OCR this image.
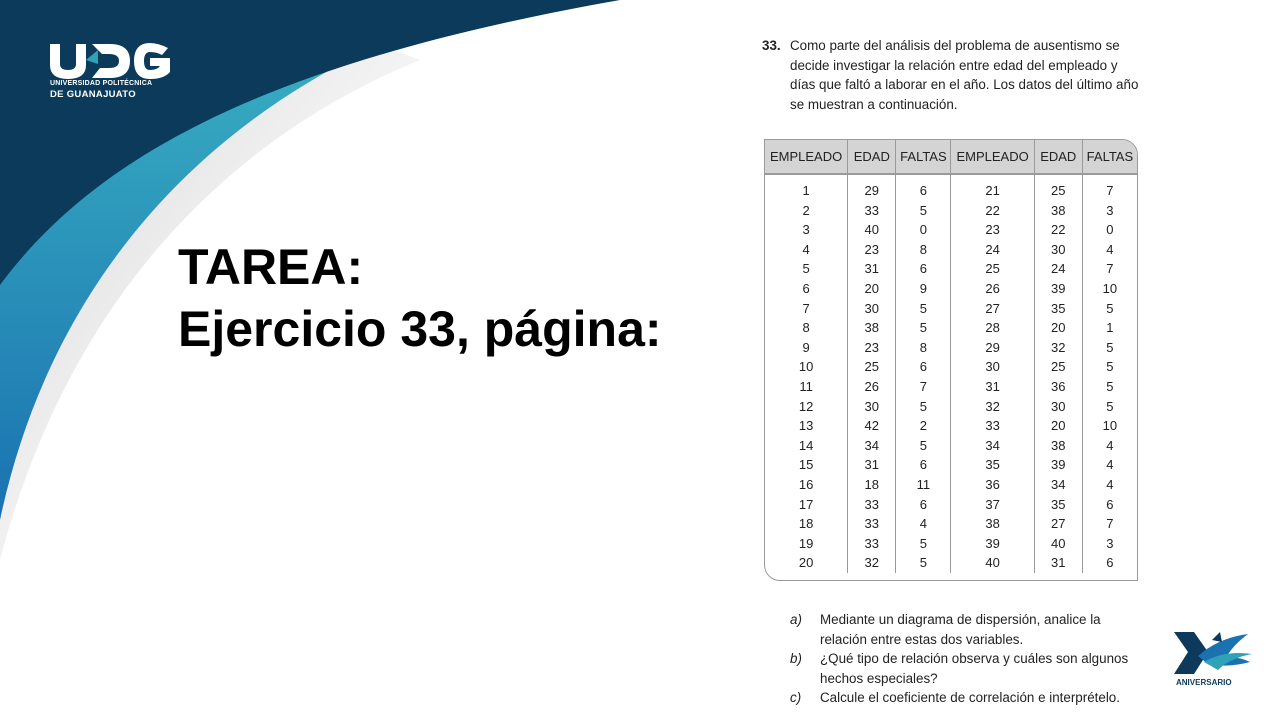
UNIVERSIDAD POLITÉCNICA
DE GUANAJUATO
TAREA:
Ejercicio 33, página:
33. Como parte del análisis del problema de ausentismo se decide investigar la relación entre edad del empleado y días que faltó a laborar en el año. Los datos del último año se muestran a continuación.
EMPLEADO	EDAD	FALTAS	EMPLEADO	EDAD	FALTAS
1	29	6	21	25	7
2	33	5	22	38	3
3	40	0	23	22	0
4	23	8	24	30	4
5	31	6	25	24	7
6	20	9	26	39	10
7	30	5	27	35	5
8	38	5	28	20	1
9	23	8	29	32	5
10	25	6	30	25	5
11	26	7	31	36	5
12	30	5	32	30	5
13	42	2	33	20	10
14	34	5	34	38	4
15	31	6	35	39	4
16	18	11	36	34	4
17	33	6	37	35	6
18	33	4	38	27	7
19	33	5	39	40	3
20	32	5	40	31	6
a) Mediante un diagrama de dispersión, analice la relación entre estas dos variables.
b) ¿Qué tipo de relación observa y cuáles son algunos hechos especiales?
c) Calcule el coeficiente de correlación e interprételo.
ANIVERSARIO
